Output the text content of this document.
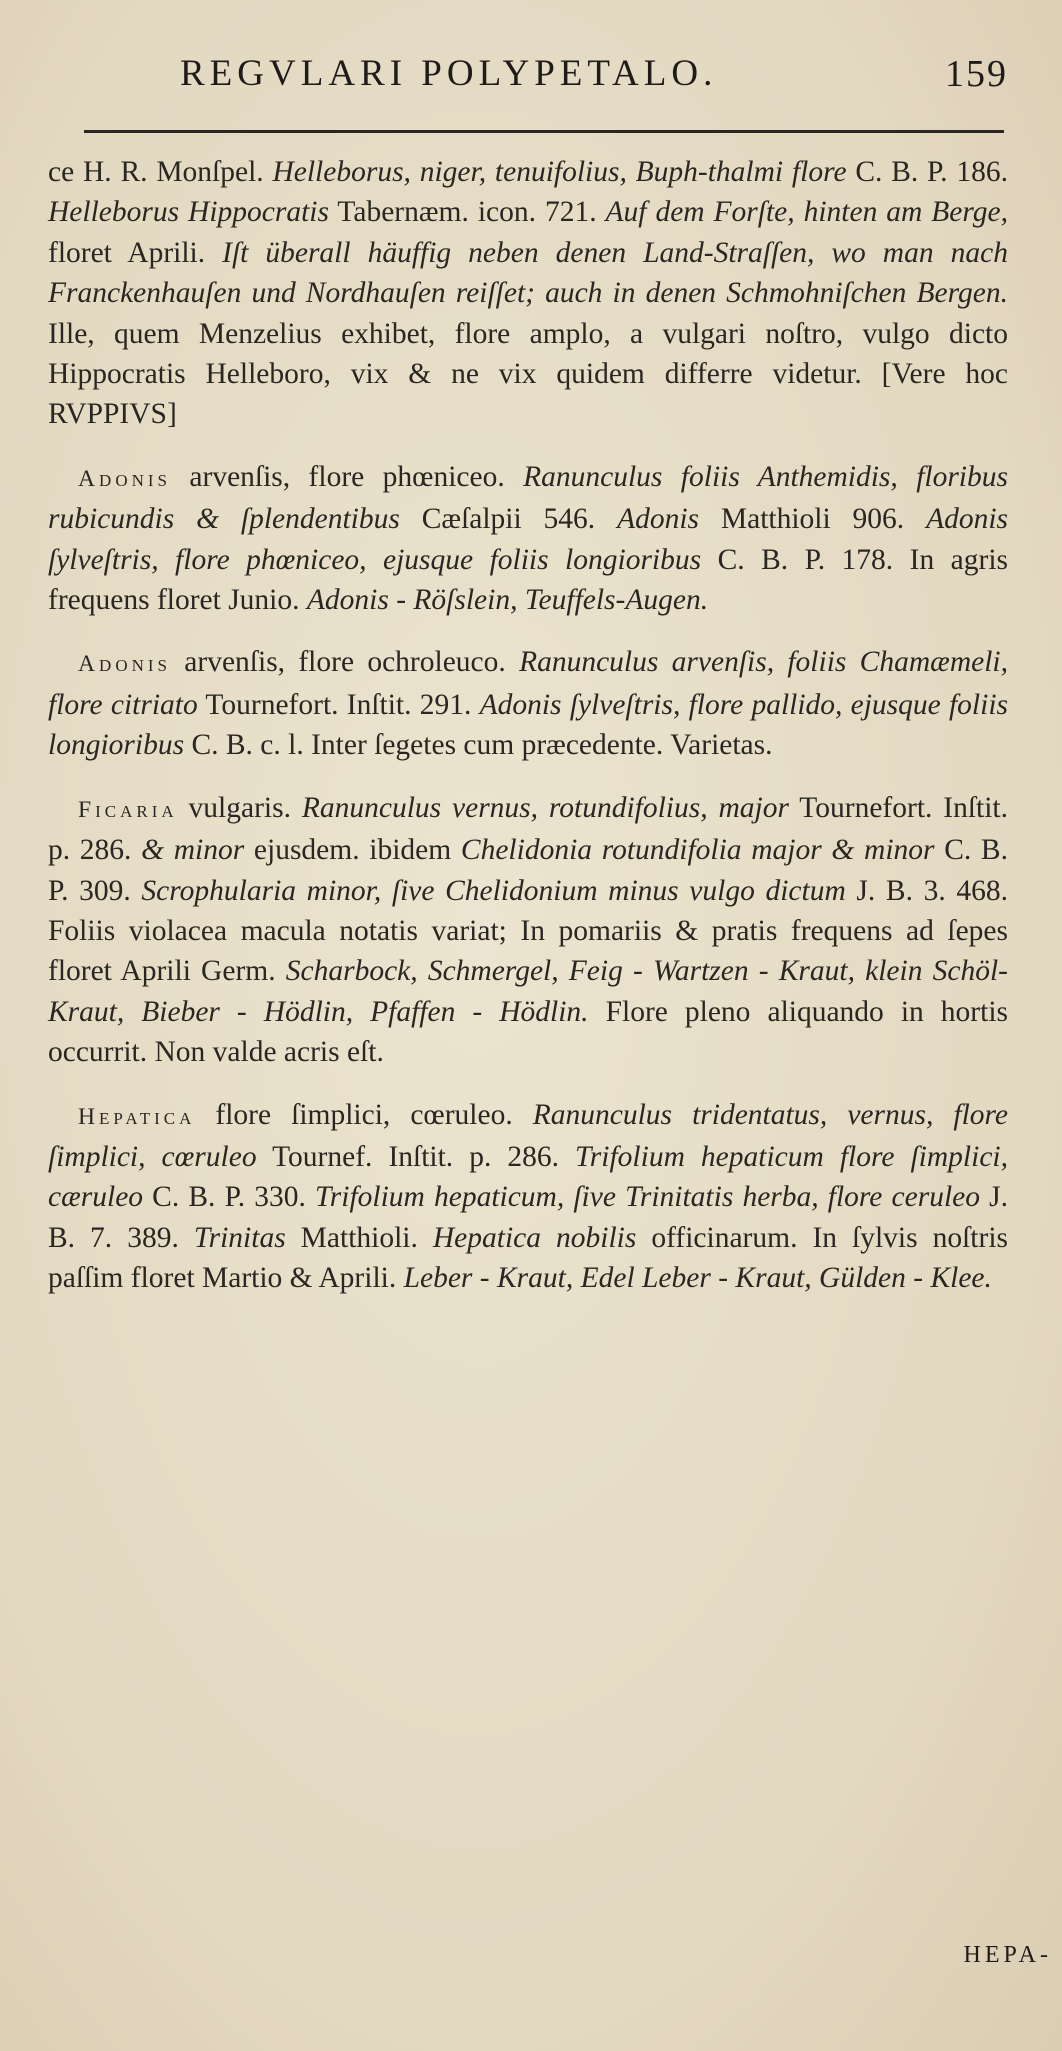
REGVLARI POLYPETALO.	159

ce H. R. Monſpel. Helleborus, niger, tenuifolius, Buph-thalmi flore C. B. P. 186. Helleborus Hippocratis Tabernæm. icon. 721. Auf dem Forſte, hinten am Berge, floret Aprili. Iſt überall häuffig neben denen Land-Straſſen, wo man nach Franckenhauſen und Nordhauſen reiſſet; auch in denen Schmohniſchen Bergen. Ille, quem Menzelius exhibet, flore amplo, a vulgari noſtro, vulgo dicto Hippocratis Helleboro, vix & ne vix quidem differre videtur. [Vere hoc RVPPIVS]

Adonis arvenſis, flore phœniceo. Ranunculus foliis Anthemidis, floribus rubicundis & ſplendentibus Cæſalpii 546. Adonis Matthioli 906. Adonis ſylveſtris, flore phœniceo, ejusque foliis longioribus C. B. P. 178. In agris frequens floret Junio. Adonis - Röſslein, Teuffels-Augen.

Adonis arvenſis, flore ochroleuco. Ranunculus arvenſis, foliis Chamæmeli, flore citriato Tournefort. Inſtit. 291. Adonis ſylveſtris, flore pallido, ejusque foliis longioribus C. B. c. l. Inter ſegetes cum præcedente. Varietas.

Ficaria vulgaris. Ranunculus vernus, rotundifolius, major Tournefort. Inſtit. p. 286. & minor ejusdem. ibidem Chelidonia rotundifolia major & minor C. B. P. 309. Scrophularia minor, ſive Chelidonium minus vulgo dictum J. B. 3. 468. Foliis violacea macula notatis variat; In pomariis & pratis frequens ad ſepes floret Aprili Germ. Scharbock, Schmergel, Feig - Wartzen - Kraut, klein Schöl-Kraut, Bieber - Hödlin, Pfaffen - Hödlin. Flore pleno aliquando in hortis occurrit. Non valde acris eſt.

Hepatica flore ſimplici, cœruleo. Ranunculus tridentatus, vernus, flore ſimplici, cœruleo Tournef. Inſtit. p. 286. Trifolium hepaticum flore ſimplici, cæruleo C. B. P. 330. Trifolium hepaticum, ſive Trinitatis herba, flore ceruleo J. B. 7. 389. Trinitas Matthioli. Hepatica nobilis officinarum. In ſylvis noſtris paſſim floret Martio & Aprili. Leber - Kraut, Edel Leber - Kraut, Gülden - Klee.

HEPA-
